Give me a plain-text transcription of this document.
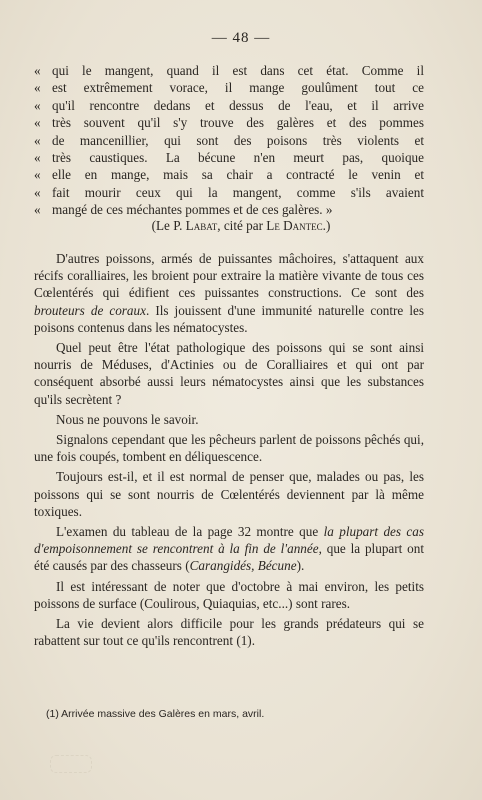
— 48 —
« qui le mangent, quand il est dans cet état. Comme il
« est extrêmement vorace, il mange goulûment tout ce
« qu'il rencontre dedans et dessus de l'eau, et il arrive
« très souvent qu'il s'y trouve des galères et des pommes
« de mancenillier, qui sont des poisons très violents et
« très caustiques. La bécune n'en meurt pas, quoique
« elle en mange, mais sa chair a contracté le venin et
« fait mourir ceux qui la mangent, comme s'ils avaient
« mangé de ces méchantes pommes et de ces galères. »
(Le P. Labat, cité par Le Dantec.)

D'autres poissons, armés de puissantes mâchoires, s'attaquent aux récifs coralliaires, les broient pour extraire la matière vivante de tous ces Cœlentérés qui édifient ces puissantes constructions. Ce sont des brouteurs de coraux. Ils jouissent d'une immunité naturelle contre les poisons contenus dans les nématocystes.

Quel peut être l'état pathologique des poissons qui se sont ainsi nourris de Méduses, d'Actinies ou de Coralliaires et qui ont par conséquent absorbé aussi leurs nématocystes ainsi que les substances qu'ils secrètent ?

Nous ne pouvons le savoir.

Signalons cependant que les pêcheurs parlent de poissons pêchés qui, une fois coupés, tombent en déliquescence.

Toujours est-il, et il est normal de penser que, malades ou pas, les poissons qui se sont nourris de Cœlentérés deviennent par là même toxiques.

L'examen du tableau de la page 32 montre que la plupart des cas d'empoisonnement se rencontrent à la fin de l'année, que la plupart ont été causés par des chasseurs (Carangidés, Bécune).

Il est intéressant de noter que d'octobre à mai environ, les petits poissons de surface (Coulirous, Quiaquias, etc...) sont rares.

La vie devient alors difficile pour les grands prédateurs qui se rabattent sur tout ce qu'ils rencontrent (1).

(1) Arrivée massive des Galères en mars, avril.
